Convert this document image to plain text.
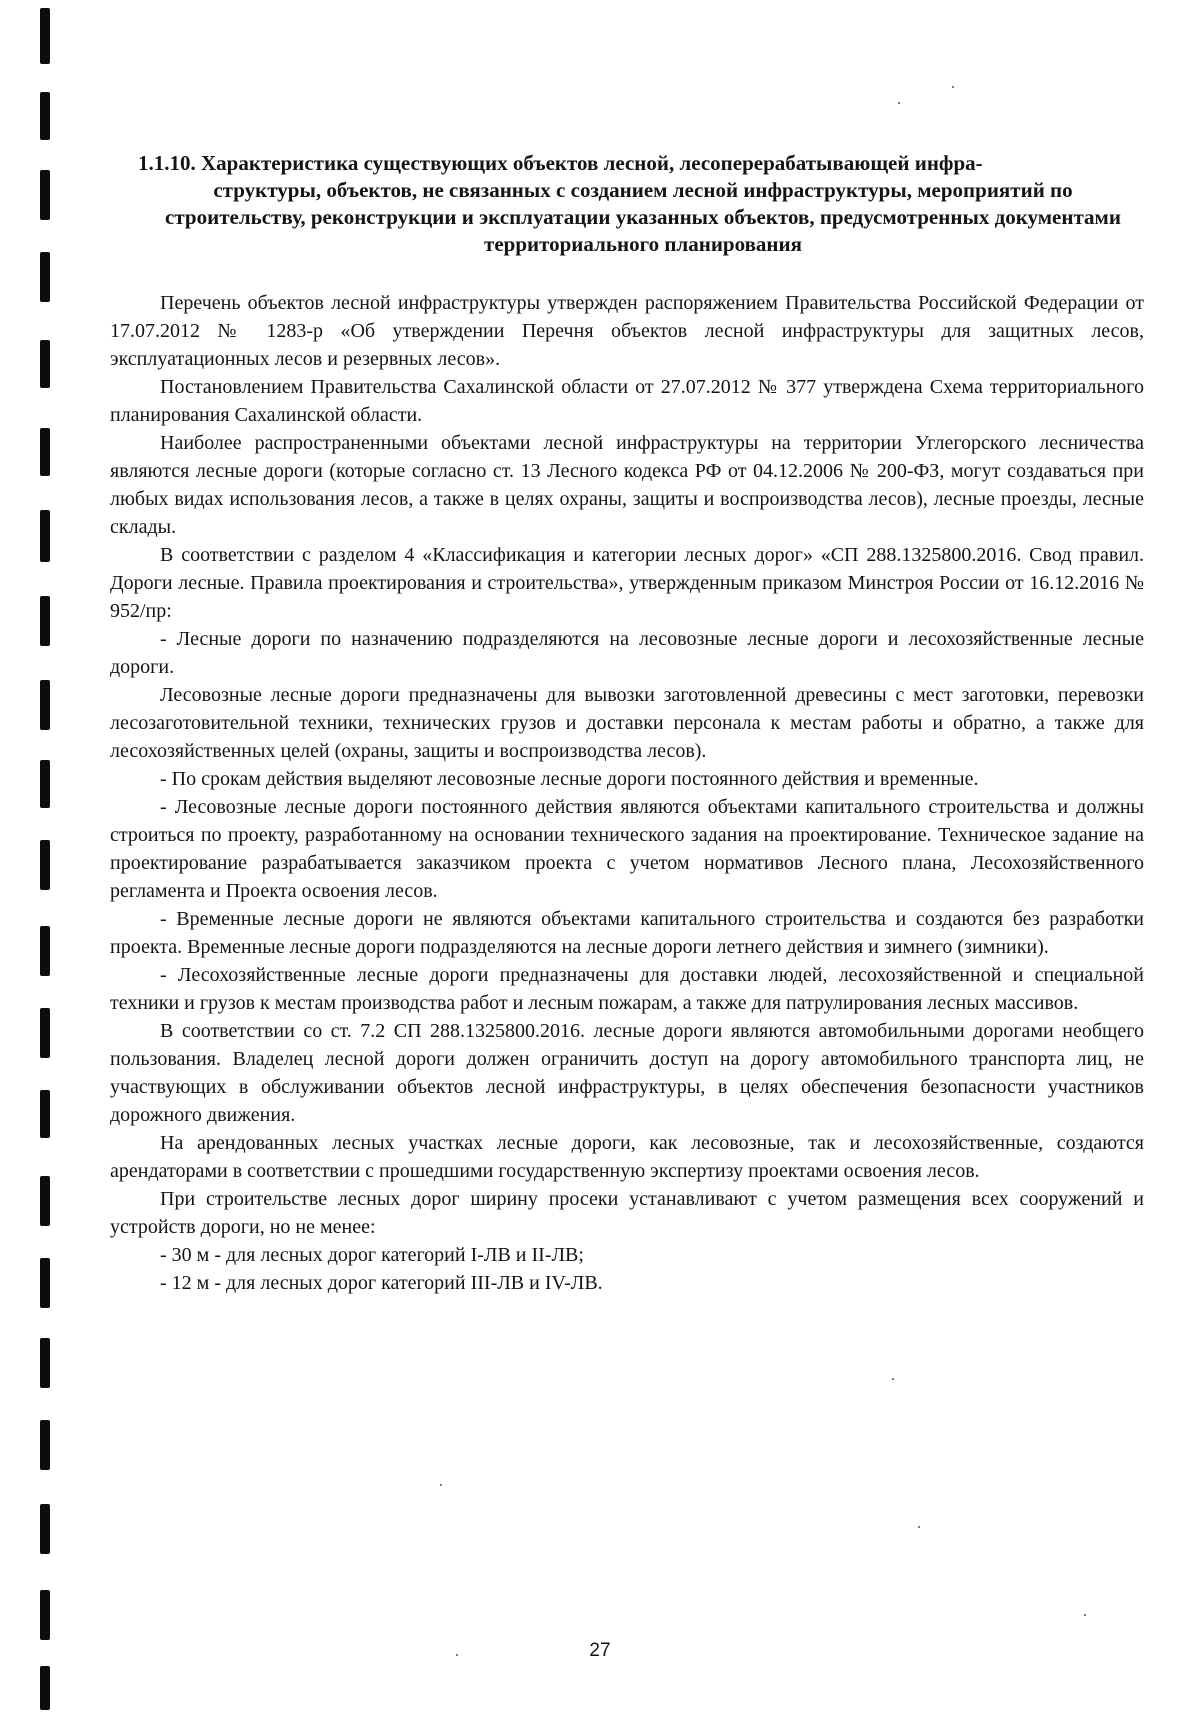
1.1.10. Характеристика существующих объектов лесной, лесоперерабатывающей инфра-
структуры, объектов, не связанных с созданием лесной инфраструктуры, мероприятий по строительству, реконструкции и эксплуатации указанных объектов, предусмотренных документами территориального планирования

Перечень объектов лесной инфраструктуры утвержден распоряжением Правительства Российской Федерации от 17.07.2012 № 1283-р «Об утверждении Перечня объектов лесной инфраструктуры для защитных лесов, эксплуатационных лесов и резервных лесов».

Постановлением Правительства Сахалинской области от 27.07.2012 № 377 утверждена Схема территориального планирования Сахалинской области.

Наиболее распространенными объектами лесной инфраструктуры на территории Углегорского лесничества являются лесные дороги (которые согласно ст. 13 Лесного кодекса РФ от 04.12.2006 № 200-ФЗ, могут создаваться при любых видах использования лесов, а также в целях охраны, защиты и воспроизводства лесов), лесные проезды, лесные склады.

В соответствии с разделом 4 «Классификация и категории лесных дорог» «СП 288.1325800.2016. Свод правил. Дороги лесные. Правила проектирования и строительства», утвержденным приказом Минстроя России от 16.12.2016 № 952/пр:

- Лесные дороги по назначению подразделяются на лесовозные лесные дороги и лесохозяйственные лесные дороги.

Лесовозные лесные дороги предназначены для вывозки заготовленной древесины с мест заготовки, перевозки лесозаготовительной техники, технических грузов и доставки персонала к местам работы и обратно, а также для лесохозяйственных целей (охраны, защиты и воспроизводства лесов).

- По срокам действия выделяют лесовозные лесные дороги постоянного действия и временные.

- Лесовозные лесные дороги постоянного действия являются объектами капитального строительства и должны строиться по проекту, разработанному на основании технического задания на проектирование. Техническое задание на проектирование разрабатывается заказчиком проекта с учетом нормативов Лесного плана, Лесохозяйственного регламента и Проекта освоения лесов.

- Временные лесные дороги не являются объектами капитального строительства и создаются без разработки проекта. Временные лесные дороги подразделяются на лесные дороги летнего действия и зимнего (зимники).

- Лесохозяйственные лесные дороги предназначены для доставки людей, лесохозяйственной и специальной техники и грузов к местам производства работ и лесным пожарам, а также для патрулирования лесных массивов.

В соответствии со ст. 7.2 СП 288.1325800.2016. лесные дороги являются автомобильными дорогами необщего пользования. Владелец лесной дороги должен ограничить доступ на дорогу автомобильного транспорта лиц, не участвующих в обслуживании объектов лесной инфраструктуры, в целях обеспечения безопасности участников дорожного движения.

На арендованных лесных участках лесные дороги, как лесовозные, так и лесохозяйственные, создаются арендаторами в соответствии с прошедшими государственную экспертизу проектами освоения лесов.

При строительстве лесных дорог ширину просеки устанавливают с учетом размещения всех сооружений и устройств дороги, но не менее:

- 30 м - для лесных дорог категорий I-ЛВ и II-ЛВ;

- 12 м - для лесных дорог категорий III-ЛВ и IV-ЛВ.

27
